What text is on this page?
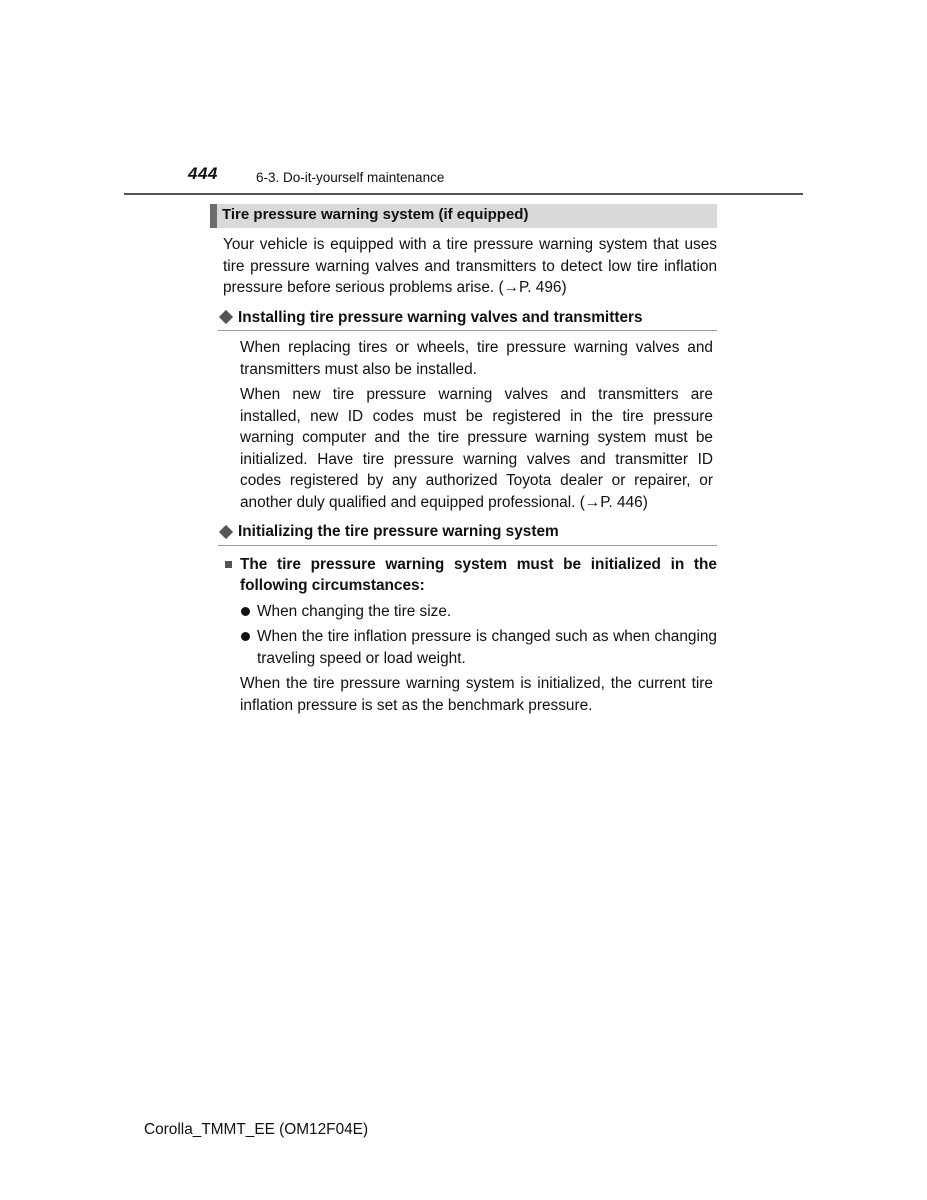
444	6-3. Do-it-yourself maintenance
Tire pressure warning system (if equipped)

Your vehicle is equipped with a tire pressure warning system that uses tire pressure warning valves and transmitters to detect low tire inflation pressure before serious problems arise. (→P. 496)

Installing tire pressure warning valves and transmitters

When replacing tires or wheels, tire pressure warning valves and transmitters must also be installed.

When new tire pressure warning valves and transmitters are installed, new ID codes must be registered in the tire pressure warning computer and the tire pressure warning system must be initialized. Have tire pressure warning valves and transmitter ID codes registered by any authorized Toyota dealer or repairer, or another duly qualified and equipped professional. (→P. 446)

Initializing the tire pressure warning system
The tire pressure warning system must be initialized in the following circumstances:
When changing the tire size.
When the tire inflation pressure is changed such as when changing traveling speed or load weight.

When the tire pressure warning system is initialized, the current tire inflation pressure is set as the benchmark pressure.

Corolla_TMMT_EE (OM12F04E)
